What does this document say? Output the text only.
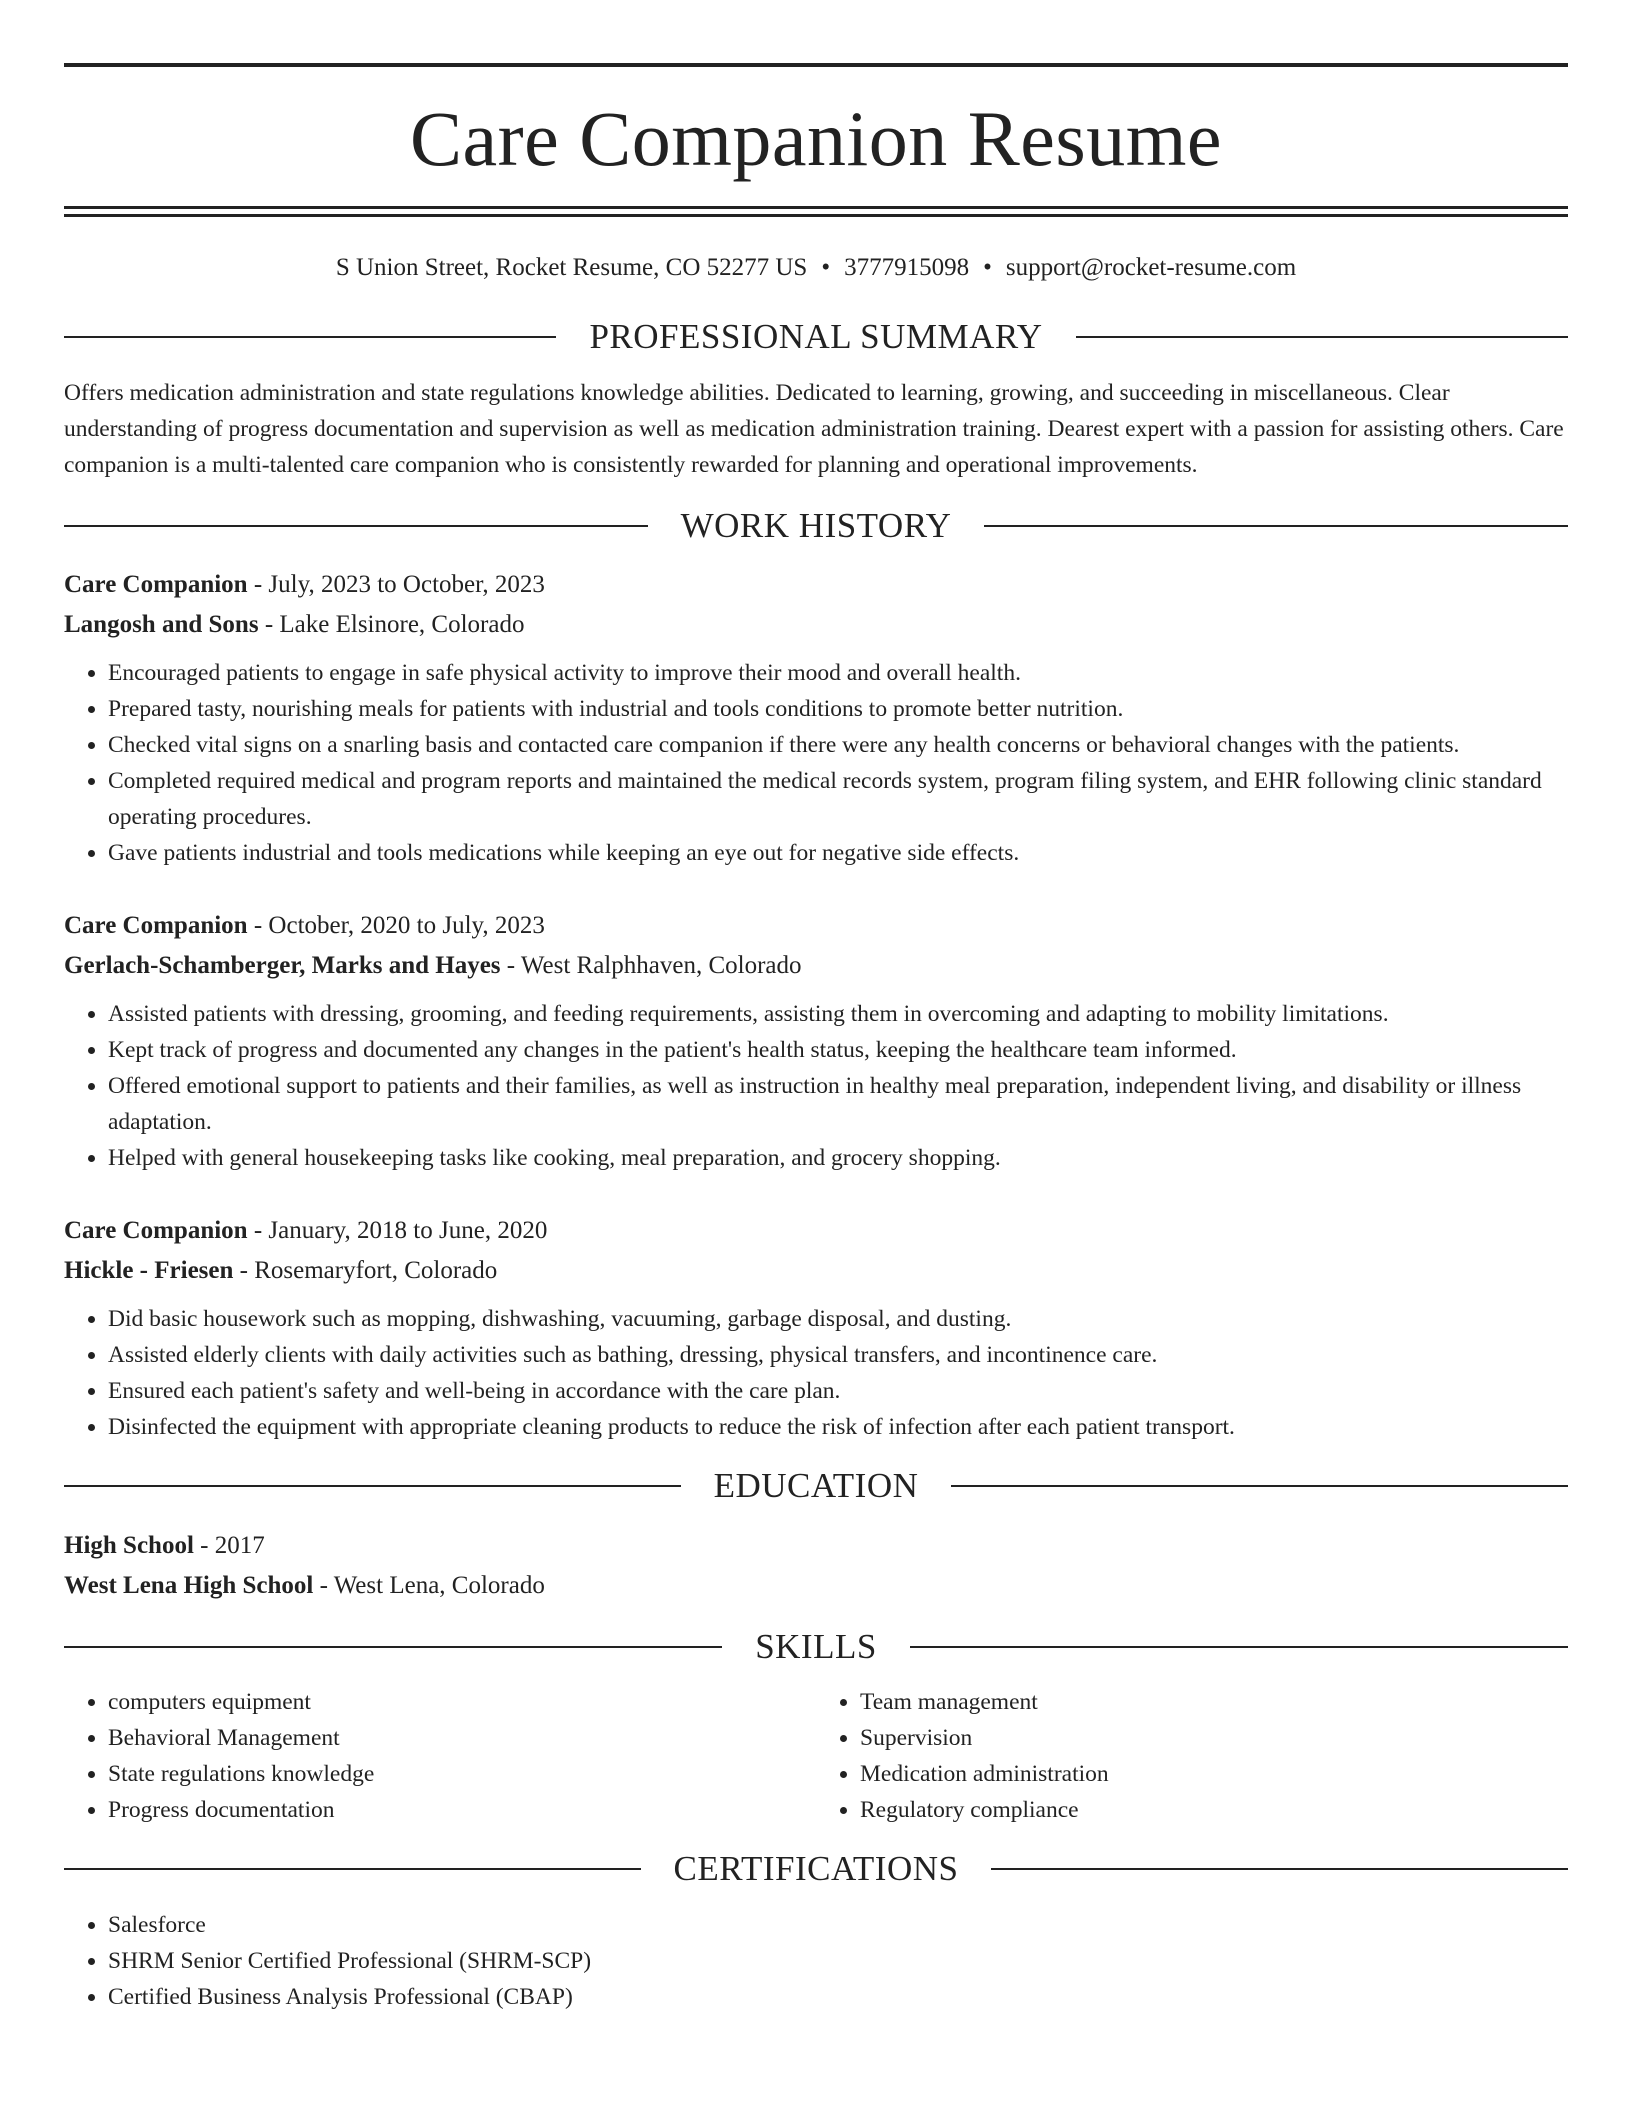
Care Companion Resume
S Union Street, Rocket Resume, CO 52277 US • 3777915098 • support@rocket-resume.com
PROFESSIONAL SUMMARY

Offers medication administration and state regulations knowledge abilities. Dedicated to learning, growing, and succeeding in miscellaneous. Clear understanding of progress documentation and supervision as well as medication administration training. Dearest expert with a passion for assisting others. Care companion is a multi-talented care companion who is consistently rewarded for planning and operational improvements.

WORK HISTORY
Care Companion - July, 2023 to October, 2023
Langosh and Sons - Lake Elsinore, Colorado
• Encouraged patients to engage in safe physical activity to improve their mood and overall health.
• Prepared tasty, nourishing meals for patients with industrial and tools conditions to promote better nutrition.
• Checked vital signs on a snarling basis and contacted care companion if there were any health concerns or behavioral changes with the patients.
• Completed required medical and program reports and maintained the medical records system, program filing system, and EHR following clinic standard operating procedures.
• Gave patients industrial and tools medications while keeping an eye out for negative side effects.
Care Companion - October, 2020 to July, 2023
Gerlach-Schamberger, Marks and Hayes - West Ralphhaven, Colorado
• Assisted patients with dressing, grooming, and feeding requirements, assisting them in overcoming and adapting to mobility limitations.
• Kept track of progress and documented any changes in the patient's health status, keeping the healthcare team informed.
• Offered emotional support to patients and their families, as well as instruction in healthy meal preparation, independent living, and disability or illness adaptation.
• Helped with general housekeeping tasks like cooking, meal preparation, and grocery shopping.
Care Companion - January, 2018 to June, 2020
Hickle - Friesen - Rosemaryfort, Colorado
• Did basic housework such as mopping, dishwashing, vacuuming, garbage disposal, and dusting.
• Assisted elderly clients with daily activities such as bathing, dressing, physical transfers, and incontinence care.
• Ensured each patient's safety and well-being in accordance with the care plan.
• Disinfected the equipment with appropriate cleaning products to reduce the risk of infection after each patient transport.
EDUCATION
High School - 2017
West Lena High School - West Lena, Colorado
SKILLS
• computers equipment
• Behavioral Management
• State regulations knowledge
• Progress documentation
• Team management
• Supervision
• Medication administration
• Regulatory compliance
CERTIFICATIONS
• Salesforce
• SHRM Senior Certified Professional (SHRM-SCP)
• Certified Business Analysis Professional (CBAP)
